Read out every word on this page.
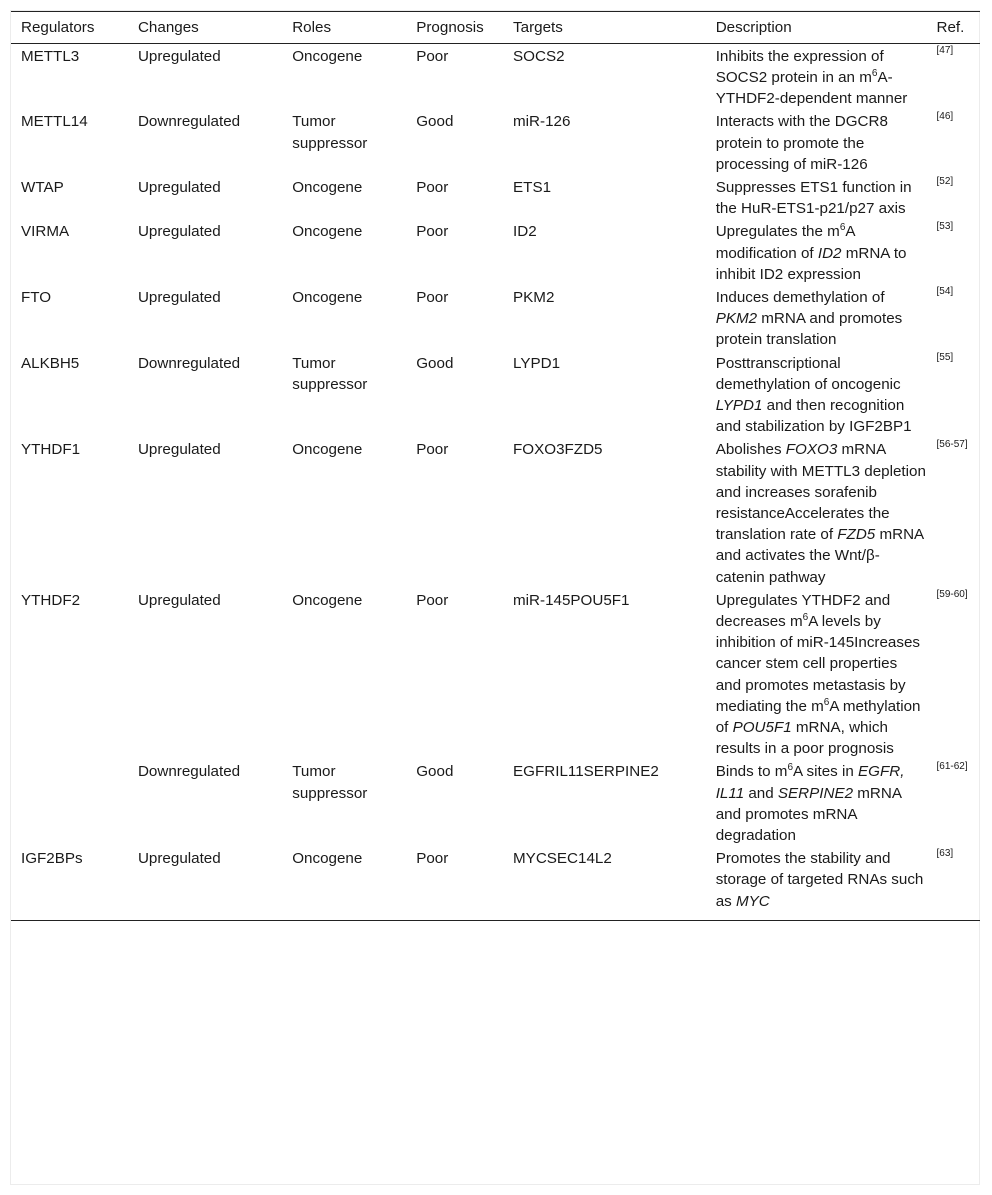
Regulators	Changes	Roles	Prognosis	Targets	Description	Ref.
METTL3	Upregulated	Oncogene	Poor	SOCS2	Inhibits the expression of SOCS2 protein in an $m^6A-YTHDF2$-dependent manner	[47]
METTL14	Downregulated	Tumor suppressor	Good	miR-126	Interacts with the DGCR8 protein to promote the processing of miR-126	[46]
WTAP	Upregulated	Oncogene	Poor	ETS1	Suppresses ETS1 function in the HuR-ETS1-p21/p27 axis	[52]
VIRMA	Upregulated	Oncogene	Poor	ID2	Upregulates the $m^6A$ modification of ID2 mRNA to inhibit ID2 expression	[53]
FTO	Upregulated	Oncogene	Poor	PKM2	Induces demethylation of PKM2 mRNA and promotes protein translation	[54]
ALKBH5	Downregulated	Tumor suppressor	Good	LYPD1	Posttranscriptional demethylation of oncogenic LYPD1 and then recognition and stabilization by IGF2BP1	[55]
YTHDF1	Upregulated	Oncogene	Poor	FOXO3FZD5	Abolishes FOXO3 mRNA stability with METTL3 depletion and increases sorafenib resistanceAccelerates the translation rate of FZD5 mRNA and activates the Wnt/β-catenin pathway	[56-57]
YTHDF2	Upregulated	Oncogene	Poor	miR-145POU5F1	Upregulates YTHDF2 and decreases $m^6A$ levels by inhibition of miR-145Increases cancer stem cell properties and promotes metastasis by mediating the $m^6A$ methylation of POU5F1 mRNA, which results in a poor prognosis	[59-60]
	Downregulated	Tumor suppressor	Good	EGFRIL11SERPINE2	Binds to $m^6A$ sites in EGFR, IL11 and SERPINE2 mRNA and promotes mRNA degradation	[61-62]
IGF2BPs	Upregulated	Oncogene	Poor	MYCSEC14L2	Promotes the stability and storage of targeted RNAs such as MYC	[63]
